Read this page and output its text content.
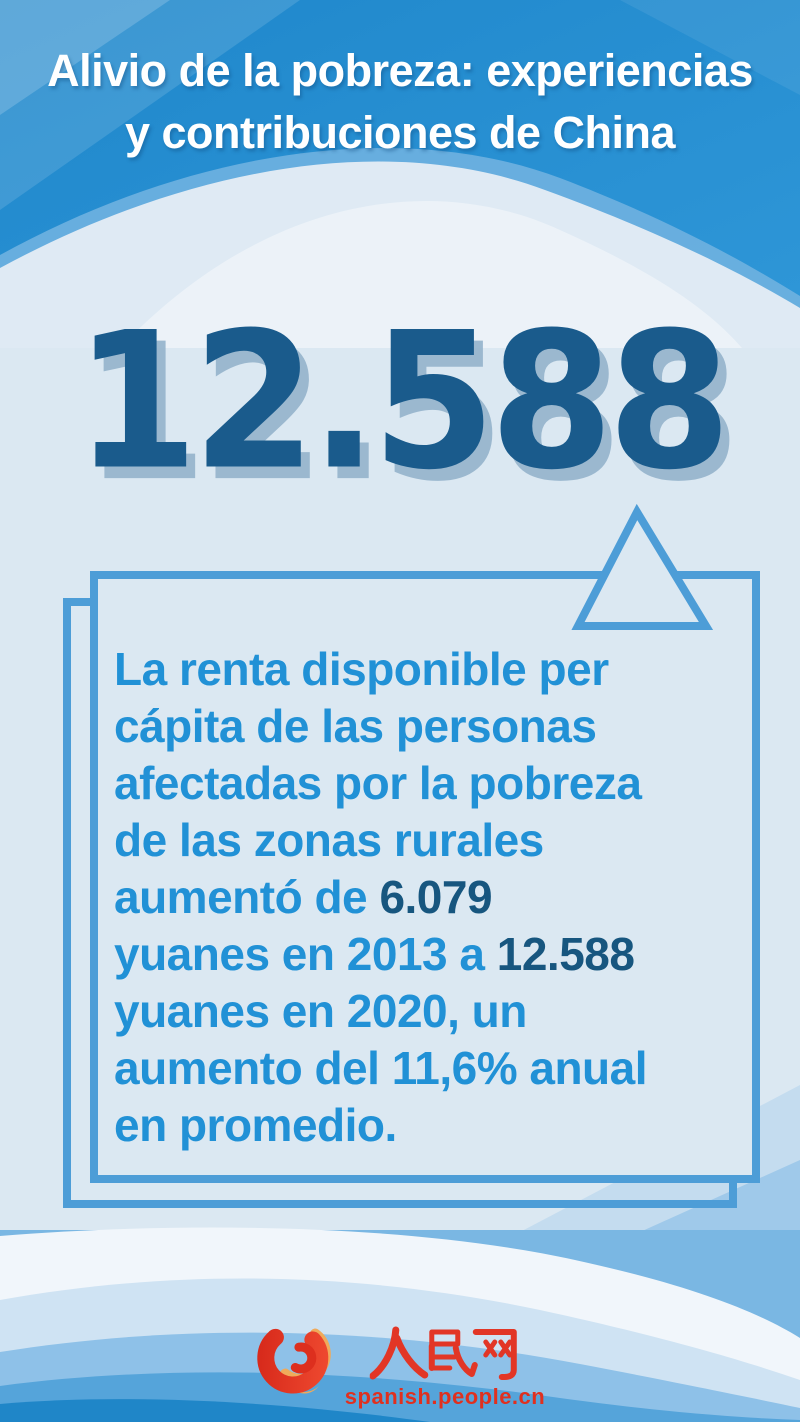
Alivio de la pobreza: experiencias
y contribuciones de China
12.588
La renta disponible per cápita de las personas afectadas por la pobreza de las zonas rurales aumentó de 6.079 yuanes en 2013 a 12.588 yuanes en 2020, un aumento del 11,6% anual en promedio.
spanish.people.cn
